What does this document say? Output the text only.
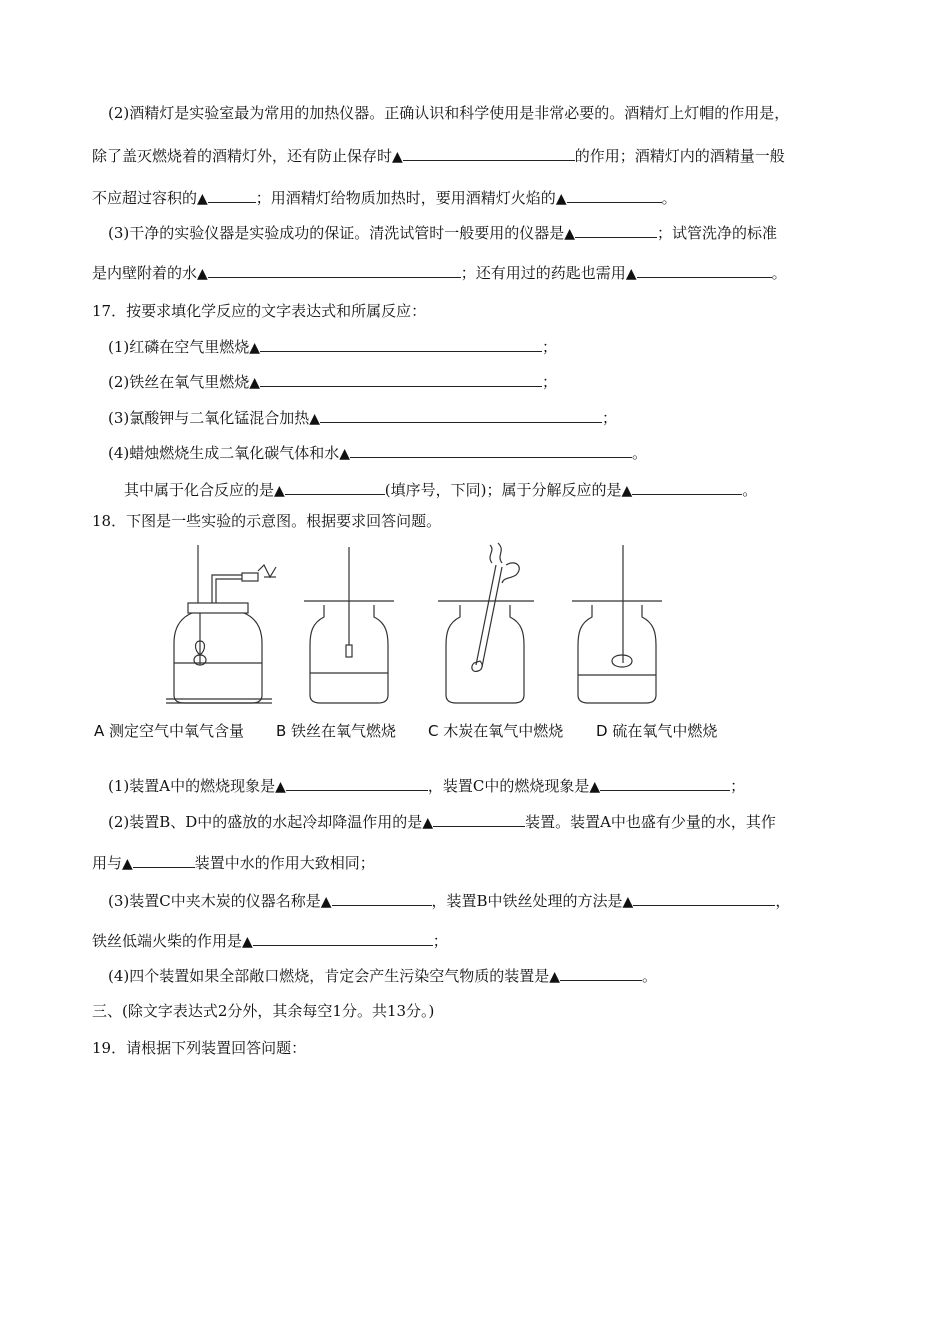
(2)酒精灯是实验室最为常用的加热仪器。正确认识和科学使用是非常必要的。酒精灯上灯帽的作用是，
除了盖灭燃烧着的酒精灯外，还有防止保存时▲	的作用；酒精灯内的酒精量一般
不应超过容积的▲	；用酒精灯给物质加热时，要用酒精灯火焰的▲	。
(3)干净的实验仪器是实验成功的保证。清洗试管时一般要用的仪器是▲	；试管洗净的标准
是内壁附着的水▲	；还有用过的药匙也需用▲	。
17．按要求填化学反应的文字表达式和所属反应：
(1)红磷在空气里燃烧▲	；
(2)铁丝在氧气里燃烧▲	；
(3)氯酸钾与二氧化锰混合加热▲	；
(4)蜡烛燃烧生成二氧化碳气体和水▲	。
其中属于化合反应的是▲	(填序号，下同)；属于分解反应的是▲	。
18．下图是一些实验的示意图。根据要求回答问题。
A 测定空气中氧气含量 B 铁丝在氧气燃烧 C 木炭在氧气中燃烧 D 硫在氧气中燃烧
(1)装置A中的燃烧现象是▲	，装置C中的燃烧现象是▲	；
(2)装置B、D中的盛放的水起冷却降温作用的是▲	装置。装置A中也盛有少量的水，其作
用与▲	装置中水的作用大致相同；
(3)装置C中夹木炭的仪器名称是▲	，装置B中铁丝处理的方法是▲	，
铁丝低端火柴的作用是▲	；
(4)四个装置如果全部敞口燃烧，肯定会产生污染空气物质的装置是▲	。
三、(除文字表达式2分外，其余每空1分。共13分。)
19．请根据下列装置回答问题：
